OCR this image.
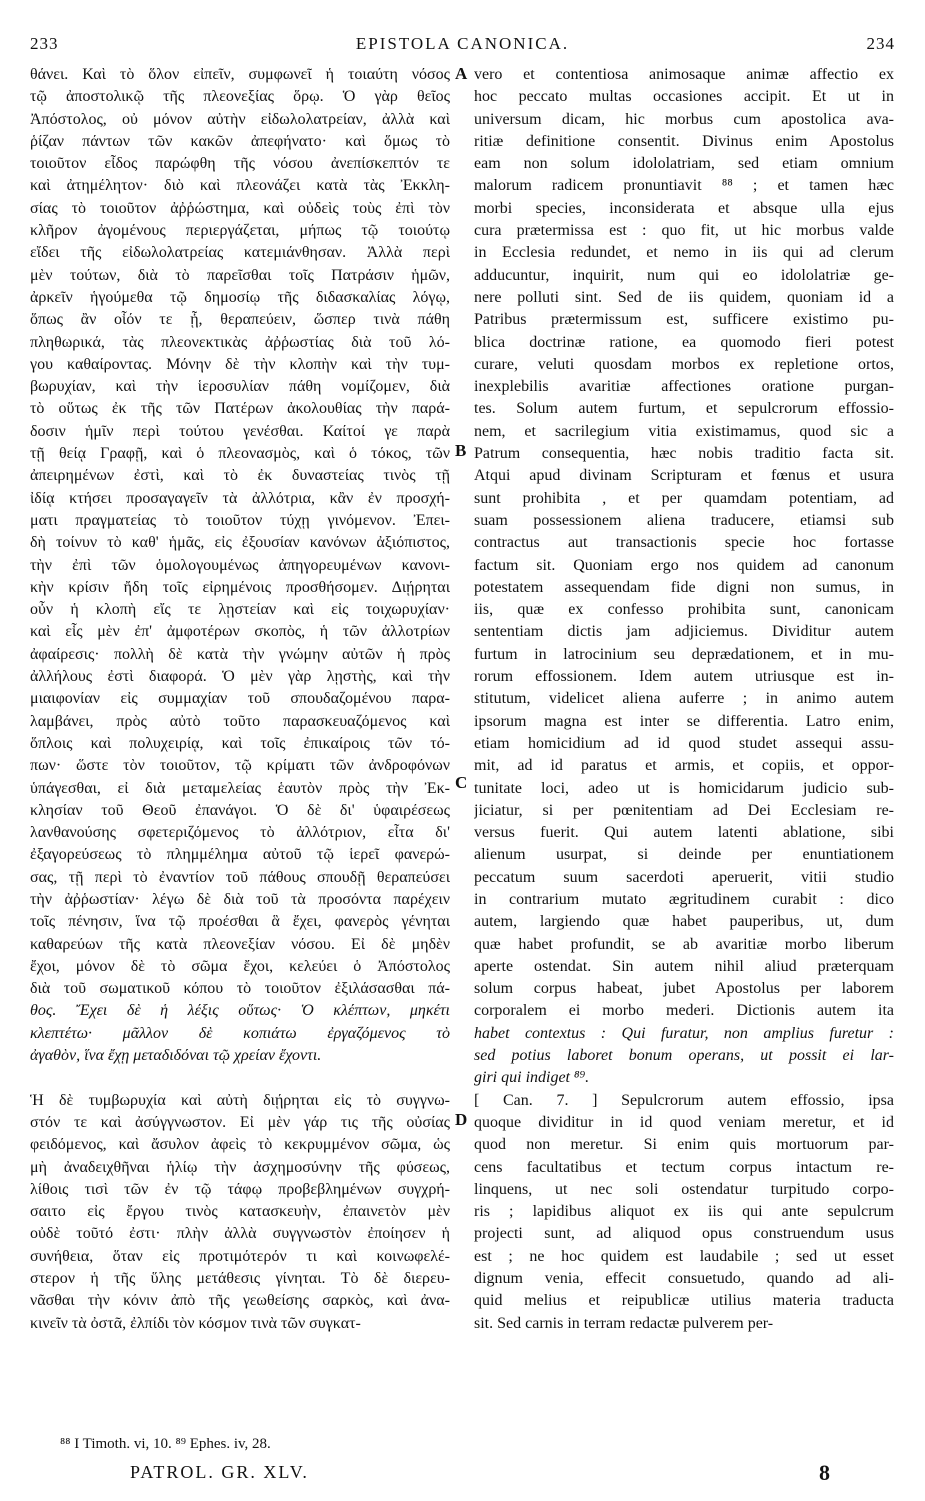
233	EPISTOLA CANONICA.	234
θάνει. Καὶ τὸ ὅλον εἰπεῖν, συμφωνεῖ ἡ τοιαύτη νόσος
τῷ ἀποστολικῷ τῆς πλεονεξίας ὅρῳ. Ὁ γὰρ θεῖος
Ἀπόστολος, οὐ μόνον αὐτὴν εἰδωλολατρείαν, ἀλλὰ καὶ
ῥίζαν πάντων τῶν κακῶν ἀπεφήνατο· καὶ ὅμως τὸ
τοιοῦτον εἶδος παρώφθη τῆς νόσου ἀνεπίσκεπτόν τε
καὶ ἀτημέλητον· διὸ καὶ πλεονάζει κατὰ τὰς Ἐκκλη-
σίας τὸ τοιοῦτον ἀῤῥώστημα, καὶ οὐδεὶς τοὺς ἐπὶ τὸν
κλῆρον ἀγομένους περιεργάζεται, μήπως τῷ τοιούτῳ
εἴδει τῆς εἰδωλολατρείας κατεμιάνθησαν. Ἀλλὰ περὶ
μὲν τούτων, διὰ τὸ παρεῖσθαι τοῖς Πατράσιν ἡμῶν,
ἀρκεῖν ἡγούμεθα τῷ δημοσίῳ τῆς διδασκαλίας λόγῳ,
ὅπως ἂν οἷόν τε ᾖ, θεραπεύειν, ὥσπερ τινὰ πάθη
πληθωρικά, τὰς πλεονεκτικὰς ἀῤῥωστίας διὰ τοῦ λό-
γου καθαίροντας. Μόνην δὲ τὴν κλοπὴν καὶ τὴν τυμ-
βωρυχίαν, καὶ τὴν ἱεροσυλίαν πάθη νομίζομεν, διὰ
τὸ οὕτως ἐκ τῆς τῶν Πατέρων ἀκολουθίας τὴν παρά-
δοσιν ἡμῖν περὶ τούτου γενέσθαι. Καίτοί γε παρὰ
τῇ θείᾳ Γραφῇ, καὶ ὁ πλεονασμὸς, καὶ ὁ τόκος, τῶν
ἀπειρημένων ἐστὶ, καὶ τὸ ἐκ δυναστείας τινὸς τῇ
ἰδίᾳ κτήσει προσαγαγεῖν τὰ ἀλλότρια, κἂν ἐν προσχή-
ματι πραγματείας τὸ τοιοῦτον τύχῃ γινόμενον. Ἐπει-
δὴ τοίνυν τὸ καθ' ἡμᾶς, εἰς ἐξουσίαν κανόνων ἀξιόπιστος,
τὴν ἐπὶ τῶν ὁμολογουμένως ἀπηγορευμένων κανονι-
κὴν κρίσιν ἤδη τοῖς εἰρημένοις προσθήσομεν. Διῄρηται
οὖν ἡ κλοπὴ εἴς τε λῃστείαν καὶ εἰς τοιχωρυχίαν·
καὶ εἷς μὲν ἐπ' ἀμφοτέρων σκοπὸς, ἡ τῶν ἀλλοτρίων
ἀφαίρεσις· πολλὴ δὲ κατὰ τὴν γνώμην αὐτῶν ἡ πρὸς
ἀλλήλους ἐστὶ διαφορά. Ὁ μὲν γὰρ λῃστὴς, καὶ τὴν
μιαιφονίαν εἰς συμμαχίαν τοῦ σπουδαζομένου παρα-
λαμβάνει, πρὸς αὐτὸ τοῦτο παρασκευαζόμενος καὶ
ὅπλοις καὶ πολυχειρίᾳ, καὶ τοῖς ἐπικαίροις τῶν τό-
πων· ὥστε τὸν τοιοῦτον, τῷ κρίματι τῶν ἀνδροφόνων
ὑπάγεσθαι, εἰ διὰ μεταμελείας ἑαυτὸν πρὸς τὴν Ἐκ-
κλησίαν τοῦ Θεοῦ ἐπανάγοι. Ὁ δὲ δι' ὑφαιρέσεως
λανθανούσης σφετεριζόμενος τὸ ἀλλότριον, εἶτα δι'
ἐξαγορεύσεως τὸ πλημμέλημα αὐτοῦ τῷ ἱερεῖ φανερώ-
σας, τῇ περὶ τὸ ἐναντίον τοῦ πάθους σπουδῇ θεραπεύσει
τὴν ἀῤῥωστίαν· λέγω δὲ διὰ τοῦ τὰ προσόντα παρέχειν
τοῖς πένησιν, ἵνα τῷ προέσθαι ἃ ἔχει, φανερὸς γένηται
καθαρεύων τῆς κατὰ πλεονεξίαν νόσου. Εἰ δὲ μηδὲν
ἔχοι, μόνον δὲ τὸ σῶμα ἔχοι, κελεύει ὁ Ἀπόστολος
διὰ τοῦ σωματικοῦ κόπου τὸ τοιοῦτον ἐξιλάσασθαι πά-
θος. Ἔχει δὲ ἡ λέξις οὕτως· Ὁ κλέπτων, μηκέτι
κλεπτέτω· μᾶλλον δὲ κοπιάτω ἐργαζόμενος τὸ
ἀγαθὸν, ἵνα ἔχῃ μεταδιδόναι τῷ χρείαν ἔχοντι.
Ἡ δὲ τυμβωρυχία καὶ αὐτὴ διῄρηται εἰς τὸ συγγνω-
στόν τε καὶ ἀσύγγνωστον. Εἰ μὲν γάρ τις τῆς οὐσίας
φειδόμενος, καὶ ἄσυλον ἀφεὶς τὸ κεκρυμμένον σῶμα, ὡς
μὴ ἀναδειχθῆναι ἡλίῳ τὴν ἀσχημοσύνην τῆς φύσεως,
λίθοις τισὶ τῶν ἐν τῷ τάφῳ προβεβλημένων συγχρή-
σαιτο εἰς ἔργου τινὸς κατασκευὴν, ἐπαινετὸν μὲν
οὐδὲ τοῦτό ἐστι· πλὴν ἀλλὰ συγγνωστὸν ἐποίησεν ἡ
συνήθεια, ὅταν εἰς προτιμότερόν τι καὶ κοινωφελέ-
στερον ἡ τῆς ὕλης μετάθεσις γίνηται. Τὸ δὲ διερευ-
νᾶσθαι τὴν κόνιν ἀπὸ τῆς γεωθείσης σαρκὸς, καὶ ἀνα-
κινεῖν τὰ ὀστᾶ, ἐλπίδι τὸν κόσμον τινὰ τῶν συγκατ-
vero et contentiosa animosaque animæ affectio ex
hoc peccato multas occasiones accipit. Et ut in
universum dicam, hic morbus cum apostolica ava-
ritiæ definitione consentit. Divinus enim Apostolus
eam non solum idololatriam, sed etiam omnium
malorum radicem pronuntiavit ⁸⁸ ; et tamen hæc
morbi species, inconsiderata et absque ulla ejus
cura prætermissa est : quo fit, ut hic morbus valde
in Ecclesia redundet, et nemo in iis qui ad clerum
adducuntur, inquirit, num qui eo idololatriæ ge-
nere polluti sint. Sed de iis quidem, quoniam id a
Patribus prætermissum est, sufficere existimo pu-
blica doctrinæ ratione, ea quomodo fieri potest
curare, veluti quosdam morbos ex repletione ortos,
inexplebilis avaritiæ affectiones oratione purgan-
tes. Solum autem furtum, et sepulcrorum effossio-
nem, et sacrilegium vitia existimamus, quod sic a
Patrum consequentia, hæc nobis traditio facta sit.
Atqui apud divinam Scripturam et fœnus et usura
sunt prohibita , et per quamdam potentiam, ad
suam possessionem aliena traducere, etiamsi sub
contractus aut transactionis specie hoc fortasse
factum sit. Quoniam ergo nos quidem ad canonum
potestatem assequendam fide digni non sumus, in
iis, quæ ex confesso prohibita sunt, canonicam
sententiam dictis jam adjiciemus. Dividitur autem
furtum in latrocinium seu deprædationem, et in mu-
rorum effossionem. Idem autem utriusque est in-
stitutum, videlicet aliena auferre ; in animo autem
ipsorum magna est inter se differentia. Latro enim,
etiam homicidium ad id quod studet assequi assu-
mit, ad id paratus et armis, et copiis, et oppor-
tunitate loci, adeo ut is homicidarum judicio sub-
jiciatur, si per pœnitentiam ad Dei Ecclesiam re-
versus fuerit. Qui autem latenti ablatione, sibi
alienum usurpat, si deinde per enuntiationem
peccatum suum sacerdoti aperuerit, vitii studio
in contrarium mutato ægritudinem curabit : dico
autem, largiendo quæ habet pauperibus, ut, dum
quæ habet profundit, se ab avaritiæ morbo liberum
aperte ostendat. Sin autem nihil aliud præterquam
solum corpus habeat, jubet Apostolus per laborem
corporalem ei morbo mederi. Dictionis autem ita
habet contextus : Qui furatur, non amplius furetur :
sed potius laboret bonum operans, ut possit ei lar-
giri qui indiget ⁸⁹.
[ Can. 7. ] Sepulcrorum autem effossio, ipsa
quoque dividitur in id quod veniam meretur, et id
quod non meretur. Si enim quis mortuorum par-
cens facultatibus et tectum corpus intactum re-
linquens, ut nec soli ostendatur turpitudo corpo-
ris ; lapidibus aliquot ex iis qui ante sepulcrum
projecti sunt, ad aliquod opus construendum usus
est ; ne hoc quidem est laudabile ; sed ut esset
dignum venia, effecit consuetudo, quando ad ali-
quid melius et reipublicæ utilius materia traducta
sit. Sed carnis in terram redactæ pulverem per-
A
B
C
D
⁸⁸ I Timoth. vi, 10. ⁸⁹ Ephes. iv, 28.
PATROL. GR. XLV.	8
